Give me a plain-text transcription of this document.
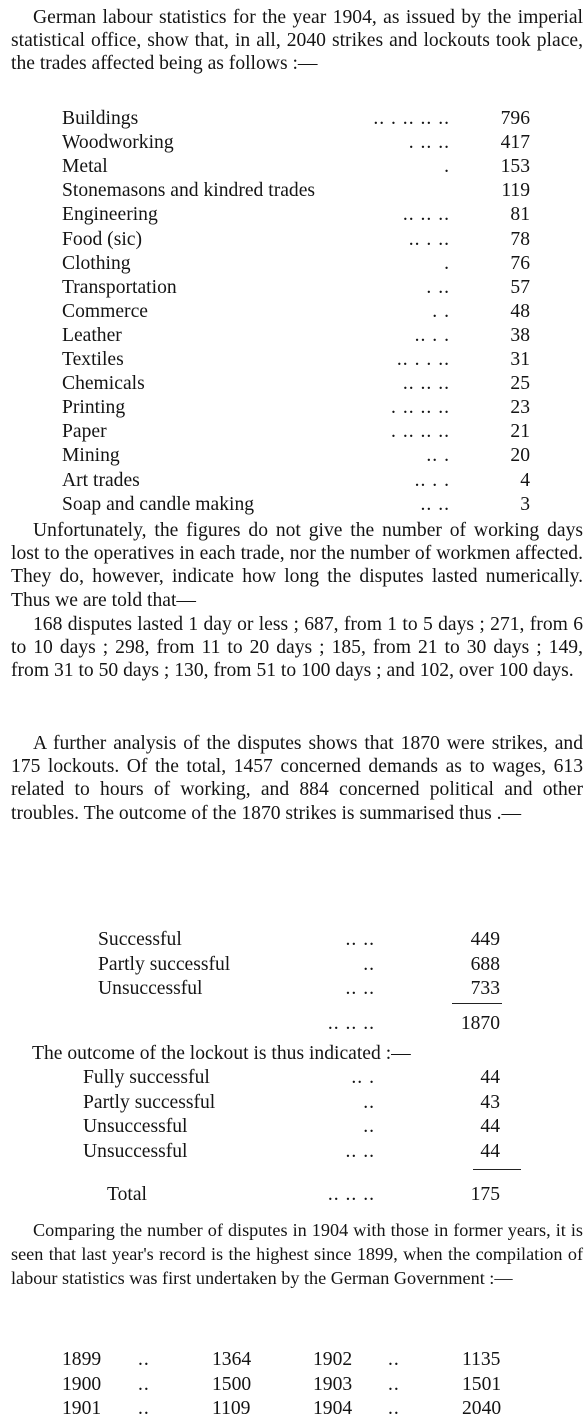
German labour statistics for the year 1904, as issued by the imperial statistical office, show that, in all, 2040 strikes and lockouts took place, the trades affected being as follows :—

Buildings	.. . .. .. ..	796
Woodworking	. .. ..	417
Metal	.	153
Stonemasons and kindred trades	119
Engineering	.. .. ..	81
Food (sic)	.. . ..	78
Clothing	.	76
Transportation	. ..	57
Commerce	. .	48
Leather	.. . .	38
Textiles	.. . . ..	31
Chemicals	.. .. ..	25
Printing	. .. .. ..	23
Paper	. .. .. ..	21
Mining	.. .	20
Art trades	.. . .	4
Soap and candle making	.. ..	3

Unfortunately, the figures do not give the number of working days lost to the operatives in each trade, nor the number of workmen affected. They do, however, indicate how long the disputes lasted numerically. Thus we are told that—

168 disputes lasted 1 day or less ; 687, from 1 to 5 days ; 271, from 6 to 10 days ; 298, from 11 to 20 days ; 185, from 21 to 30 days ; 149, from 31 to 50 days ; 130, from 51 to 100 days ; and 102, over 100 days.

A further analysis of the disputes shows that 1870 were strikes, and 175 lockouts. Of the total, 1457 concerned demands as to wages, 613 related to hours of working, and 884 concerned political and other troubles. The outcome of the 1870 strikes is summarised thus .—

Successful	.. ..	449
Partly successful	..	688
Unsuccessful	.. ..	733
.. .. ..	1870

The outcome of the lockout is thus indicated :—

Fully successful	.. .	44
Partly successful	..	43
Unsuccessful	..	44
Unsuccessful	.. ..	44
Total	.. .. ..	175

Comparing the number of disputes in 1904 with those in former years, it is seen that last year's record is the highest since 1899, when the compilation of labour statistics was first undertaken by the German Government :—

1899 ..	1364	1902 ..	1135
1900 ..	1500	1903 ..	1501
1901 ..	1109	1904 ..	2040
